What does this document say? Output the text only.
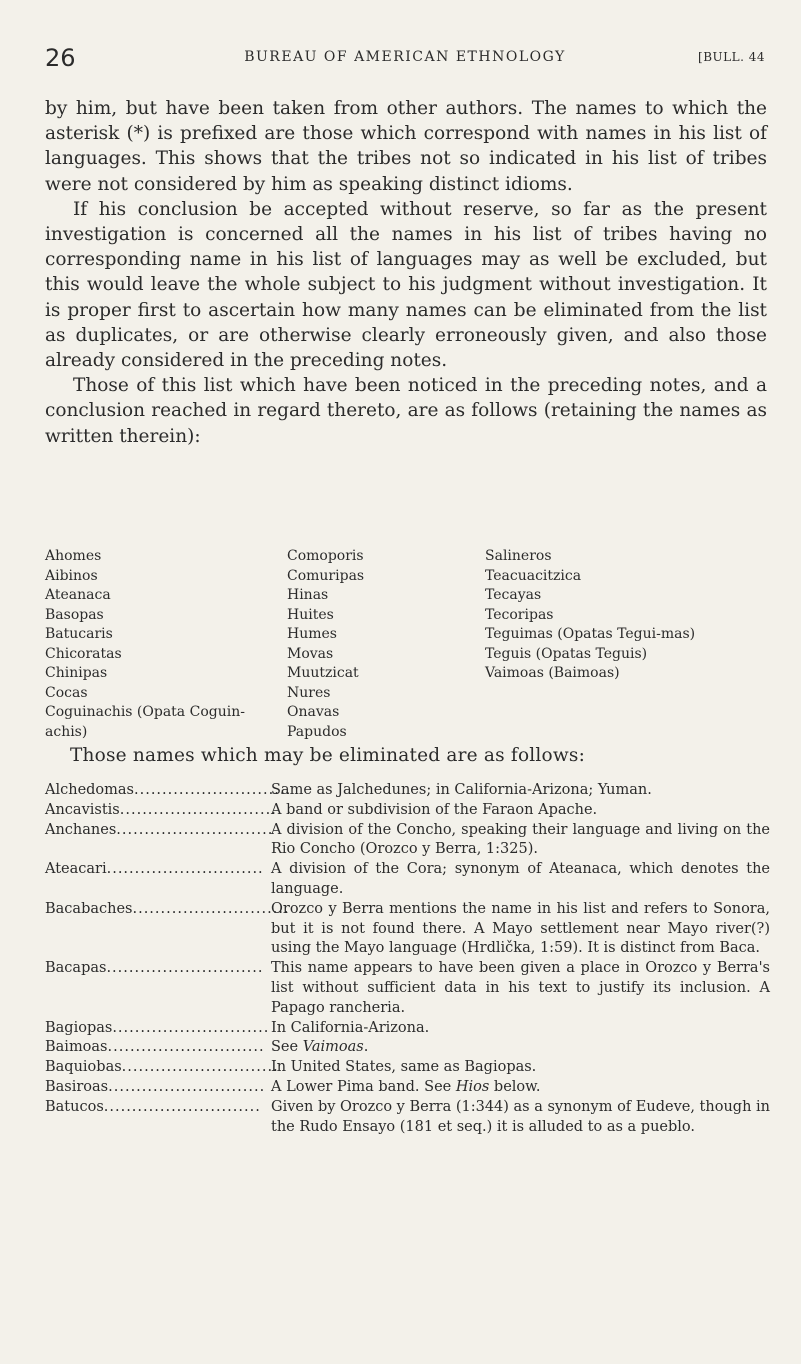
26	BUREAU OF AMERICAN ETHNOLOGY	[BULL. 44

by him, but have been taken from other authors. The names to which the asterisk (*) is prefixed are those which correspond with names in his list of languages. This shows that the tribes not so indicated in his list of tribes were not considered by him as speaking distinct idioms.

If his conclusion be accepted without reserve, so far as the present investigation is concerned all the names in his list of tribes having no corresponding name in his list of languages may as well be excluded, but this would leave the whole subject to his judgment without investigation. It is proper first to ascertain how many names can be eliminated from the list as duplicates, or are otherwise clearly erroneously given, and also those already considered in the preceding notes.

Those of this list which have been noticed in the preceding notes, and a conclusion reached in regard thereto, are as follows (retaining the names as written therein):

Ahomes
Aibinos
Ateanaca
Basopas
Batucaris
Chicoratas
Chinipas
Cocas
Coguinachis (Opata Coguin-
achis)
Comoporis
Comuripas
Hinas
Huites
Humes
Movas
Muutzicat
Nures
Onavas
Papudos
Salineros
Teacuacitzica
Tecayas
Tecoripas
Teguimas (Opatas Tegui-mas)
Teguis (Opatas Teguis)
Vaimoas (Baimoas)
Those names which may be eliminated are as follows:
Alchedomas............................
Same as Jalchedunes; in California-Arizona; Yuman.
Ancavistis............................
A band or subdivision of the Faraon Apache.
Anchanes............................
A division of the Concho, speaking their language and living on the Rio Concho (Orozco y Berra, 1:325).
Ateacari............................ A division of the Cora; synonym of Ateanaca, which denotes the language.
Bacabaches............................
Orozco y Berra mentions the name in his list and refers to Sonora, but it is not found there. A Mayo settlement near Mayo river(?) using the Mayo language (Hrdlička, 1:59). It is distinct from Baca.
Bacapas............................ This name appears to have been given a place in Orozco y Berra's list without sufficient data in his text to justify its inclusion. A Papago rancheria.
Bagiopas............................ In California-Arizona.
Baimoas............................ See Vaimoas.
Baquiobas............................
In United States, same as Bagiopas.
Basiroas............................ A Lower Pima band. See Hios below.
Batucos............................ Given by Orozco y Berra (1:344) as a synonym of Eudeve, though in the Rudo Ensayo (181 et seq.) it is alluded to as a pueblo.
